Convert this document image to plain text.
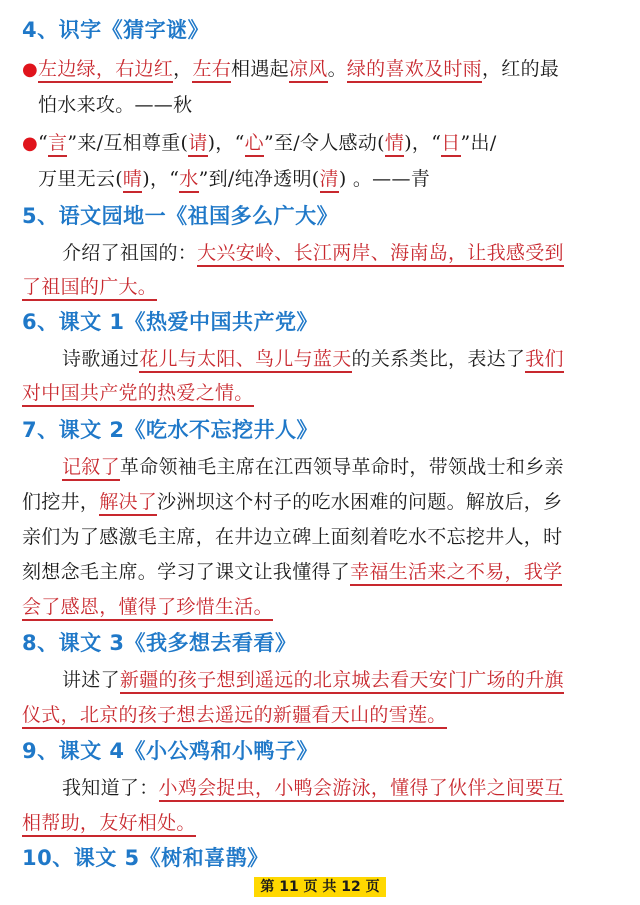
4、识字《猜字谜》
●左边绿，右边红，左右相遇起凉风。绿的喜欢及时雨，红的最
怕水来攻。——秋
●“言”来/互相尊重(请)，“心”至/令人感动(情)，“日”出/
万里无云(晴)，“水”到/纯净透明(清) 。——青
5、语文园地一《祖国多么广大》
介绍了祖国的：大兴安岭、长江两岸、海南岛，让我感受到
了祖国的广大。
6、课文 1《热爱中国共产党》
诗歌通过花儿与太阳、鸟儿与蓝天的关系类比，表达了我们
对中国共产党的热爱之情。
7、课文 2《吃水不忘挖井人》
记叙了革命领袖毛主席在江西领导革命时，带领战士和乡亲
们挖井，解决了沙洲坝这个村子的吃水困难的问题。解放后，乡
亲们为了感激毛主席，在井边立碑上面刻着吃水不忘挖井人，时
刻想念毛主席。学习了课文让我懂得了幸福生活来之不易，我学
会了感恩，懂得了珍惜生活。
8、课文 3《我多想去看看》
讲述了新疆的孩子想到遥远的北京城去看天安门广场的升旗
仪式，北京的孩子想去遥远的新疆看天山的雪莲。
9、课文 4《小公鸡和小鸭子》
我知道了：小鸡会捉虫，小鸭会游泳，懂得了伙伴之间要互
相帮助，友好相处。
10、课文 5《树和喜鹊》
第 11 页 共 12 页
